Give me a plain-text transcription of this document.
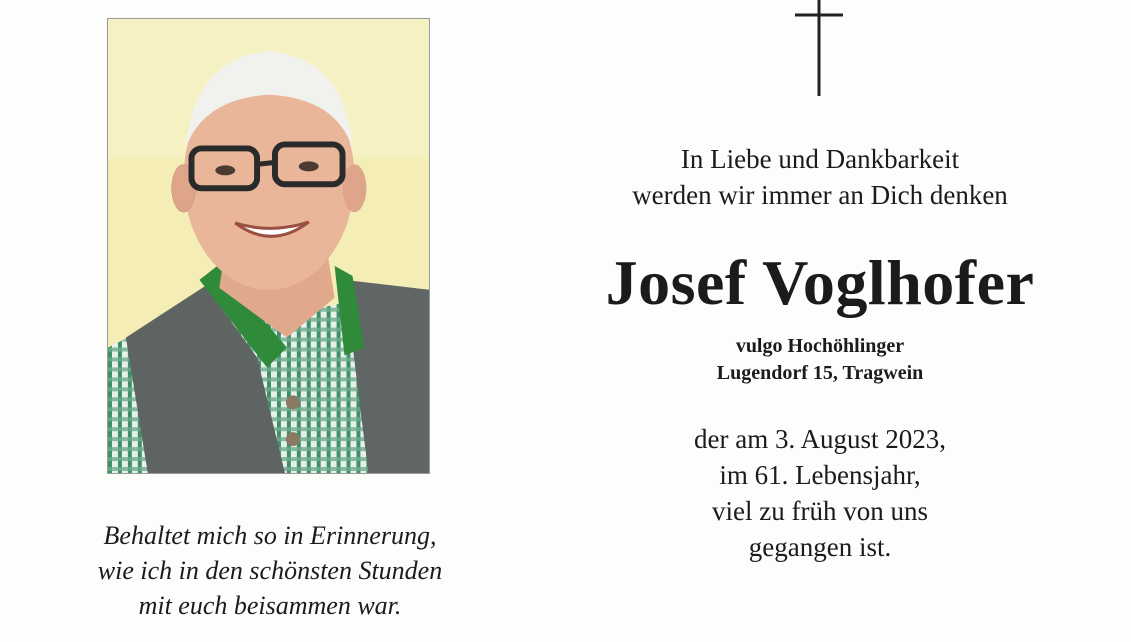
In Liebe und Dankbarkeit
werden wir immer an Dich denken
Josef Voglhofer
vulgo Hochöhlinger
Lugendorf 15, Tragwein
der am 3. August 2023,
im 61. Lebensjahr,
viel zu früh von uns
gegangen ist.
Behaltet mich so in Erinnerung,
wie ich in den schönsten Stunden
mit euch beisammen war.
